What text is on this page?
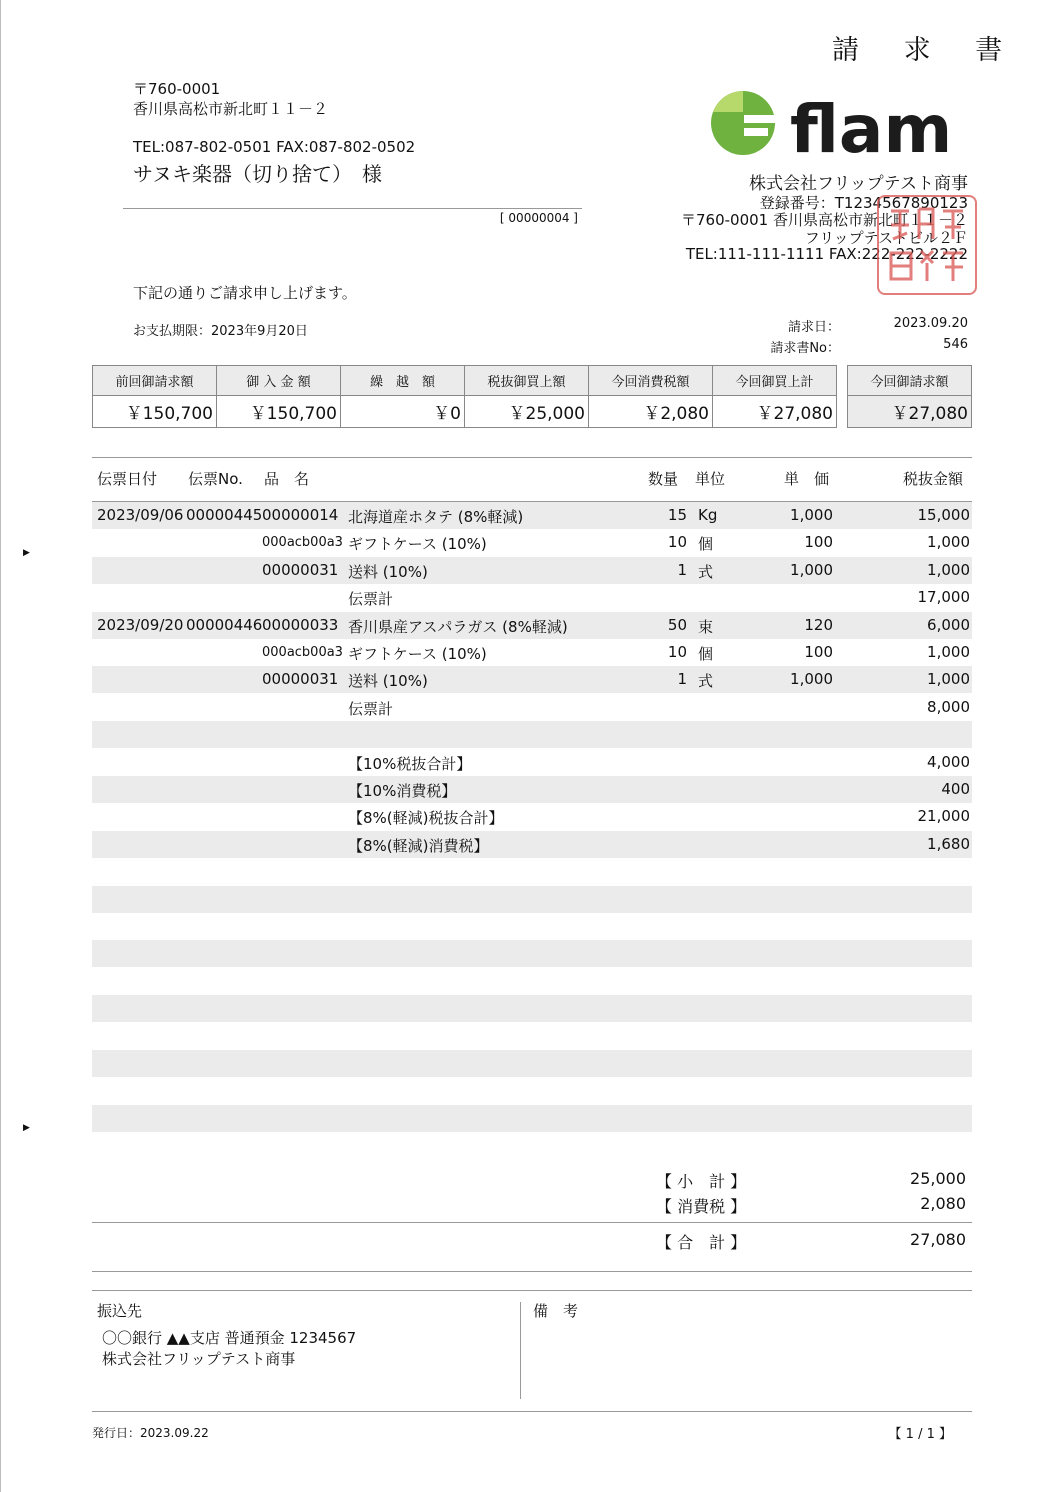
▶
▶
請 求 書
〒760-0001
香川県高松市新北町１１－２
TEL:087-802-0501 FAX:087-802-0502
サヌキ楽器（切り捨て）　様
[ 00000004 ]
flam
株式会社フリップテスト商事
登録番号：T1234567890123
〒760-0001 香川県高松市新北町１１－２
フリップテストビル２Ｆ
TEL:111-111-1111 FAX:222-222-2222
下記の通りご請求申し上げます。
お支払期限：2023年9月20日	請求日：	2023.09.20
請求書No：	546
前回御請求額	御 入 金 額	繰　越　額	税抜御買上額	今回消費税額	今回御買上計
￥150,700	￥150,700	￥0	￥25,000	￥2,080	￥27,080
今回御請求額
￥27,080
伝票日付 伝票No. 品　名	数量 単位	単　価	税抜金額
2023/09/06 00000445 00000014 北海道産ホタテ (8%軽減)	15 Kg	1,000	15,000
000acb00a3 ギフトケース (10%)	10 個	100	1,000
00000031 送料 (10%)	1 式	1,000	1,000
伝票計	17,000
2023/09/20 00000446 00000033 香川県産アスパラガス (8%軽減)	50 束	120	6,000
000acb00a3 ギフトケース (10%)	10 個	100	1,000
00000031 送料 (10%)	1 式	1,000	1,000
伝票計	8,000
【10%税抜合計】	4,000
【10%消費税】	400
【8%(軽減)税抜合計】	21,000
【8%(軽減)消費税】	1,680
【 小　計 】	25,000
【 消費税 】	2,080
【 合　計 】	27,080
振込先
〇〇銀行 ▲▲支店 普通預金 1234567
株式会社フリップテスト商事
備　考
発行日：2023.09.22	【 1 / 1 】
